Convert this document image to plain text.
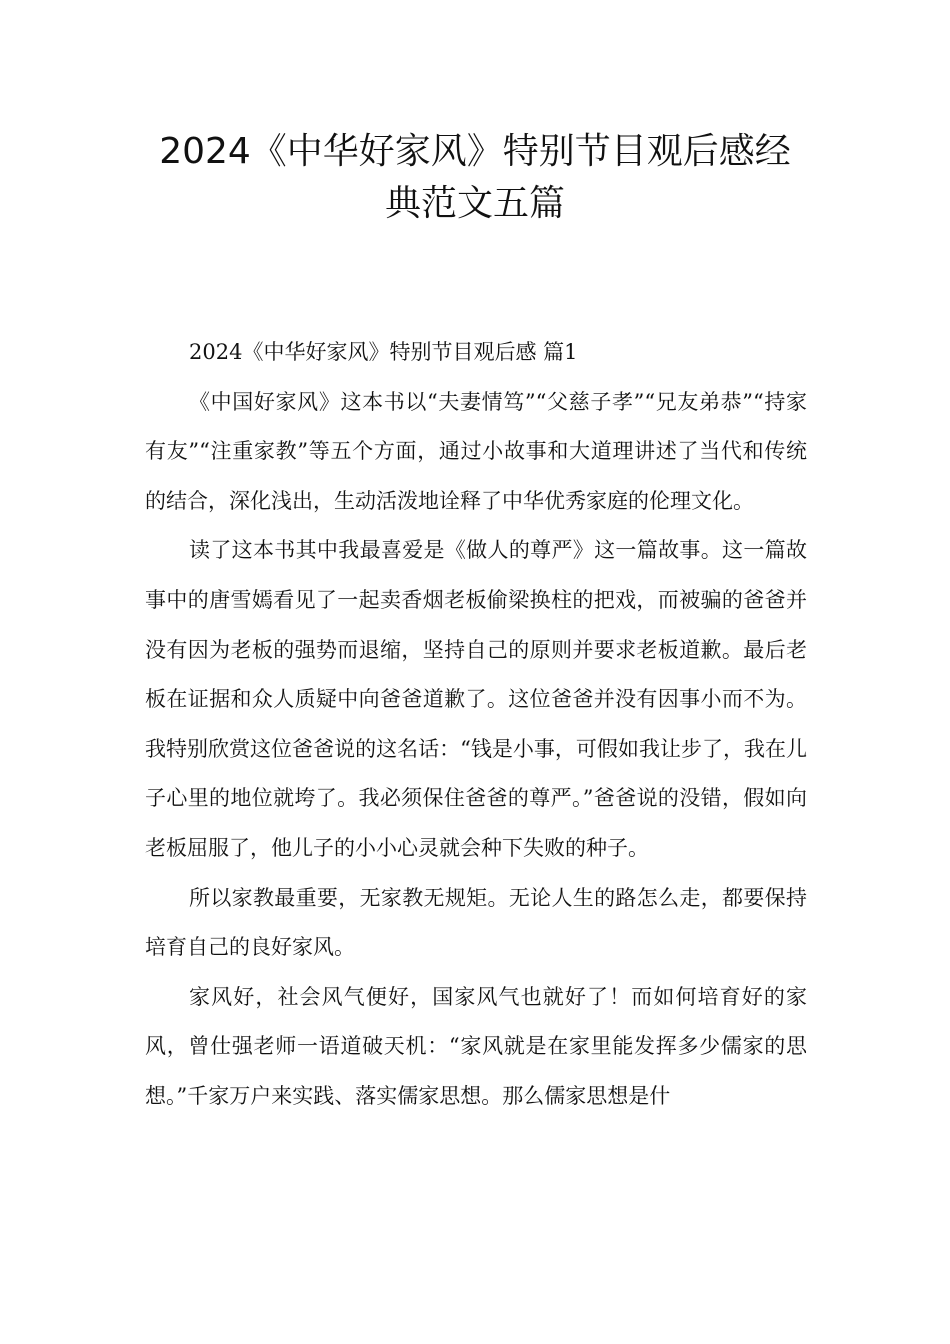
2024《中华好家风》特别节目观后感经
典范文五篇

2024《中华好家风》特别节目观后感 篇1

《中国好家风》这本书以“夫妻情笃”“父慈子孝”“兄友弟恭”“持家有友”“注重家教”等五个方面，通过小故事和大道理讲述了当代和传统的结合，深化浅出，生动活泼地诠释了中华优秀家庭的伦理文化。

读了这本书其中我最喜爱是《做人的尊严》这一篇故事。这一篇故事中的唐雪嫣看见了一起卖香烟老板偷梁换柱的把戏，而被骗的爸爸并没有因为老板的强势而退缩，坚持自己的原则并要求老板道歉。最后老板在证据和众人质疑中向爸爸道歉了。这位爸爸并没有因事小而不为。我特别欣赏这位爸爸说的这名话：“钱是小事，可假如我让步了，我在儿子心里的地位就垮了。我必须保住爸爸的尊严。”爸爸说的没错，假如向老板屈服了，他儿子的小小心灵就会种下失败的种子。

所以家教最重要，无家教无规矩。无论人生的路怎么走，都要保持培育自己的良好家风。

家风好，社会风气便好，国家风气也就好了！而如何培育好的家风，曾仕强老师一语道破天机：“家风就是在家里能发挥多少儒家的思想。”千家万户来实践、落实儒家思想。那么儒家思想是什
